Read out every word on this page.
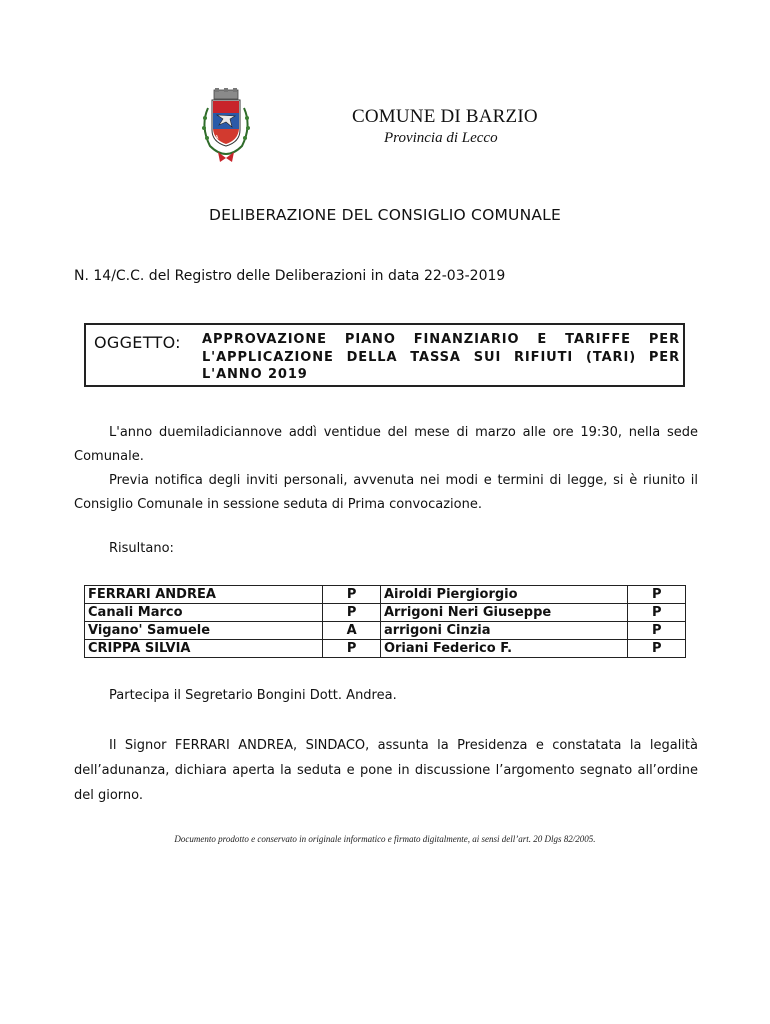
A
COMUNE DI BARZIO
Provincia di Lecco
DELIBERAZIONE DEL CONSIGLIO COMUNALE
N. 14/C.C. del Registro delle Deliberazioni in data 22-03-2019
OGGETTO: APPROVAZIONE PIANO FINANZIARIO E TARIFFE PER L'APPLICAZIONE DELLA TASSA SUI RIFIUTI (TARI) PER L'ANNO 2019
L'anno duemiladiciannove addì ventidue del mese di marzo alle ore 19:30, nella sede Comunale.
Previa notifica degli inviti personali, avvenuta nei modi e termini di legge, si è riunito il Consiglio Comunale in sessione seduta di Prima convocazione.
Risultano:
FERRARI ANDREA	P	Airoldi Piergiorgio	P
Canali Marco	P	Arrigoni Neri Giuseppe	P
Vigano' Samuele	A	arrigoni Cinzia	P
CRIPPA SILVIA	P	Oriani Federico F.	P
Partecipa il Segretario Bongini Dott. Andrea.
Il Signor FERRARI ANDREA, SINDACO, assunta la Presidenza e constatata la legalità dell’adunanza, dichiara aperta la seduta e pone in discussione l’argomento segnato all’ordine del giorno.
Documento prodotto e conservato in originale informatico e firmato digitalmente, ai sensi dell’art. 20 Dlgs 82/2005.
